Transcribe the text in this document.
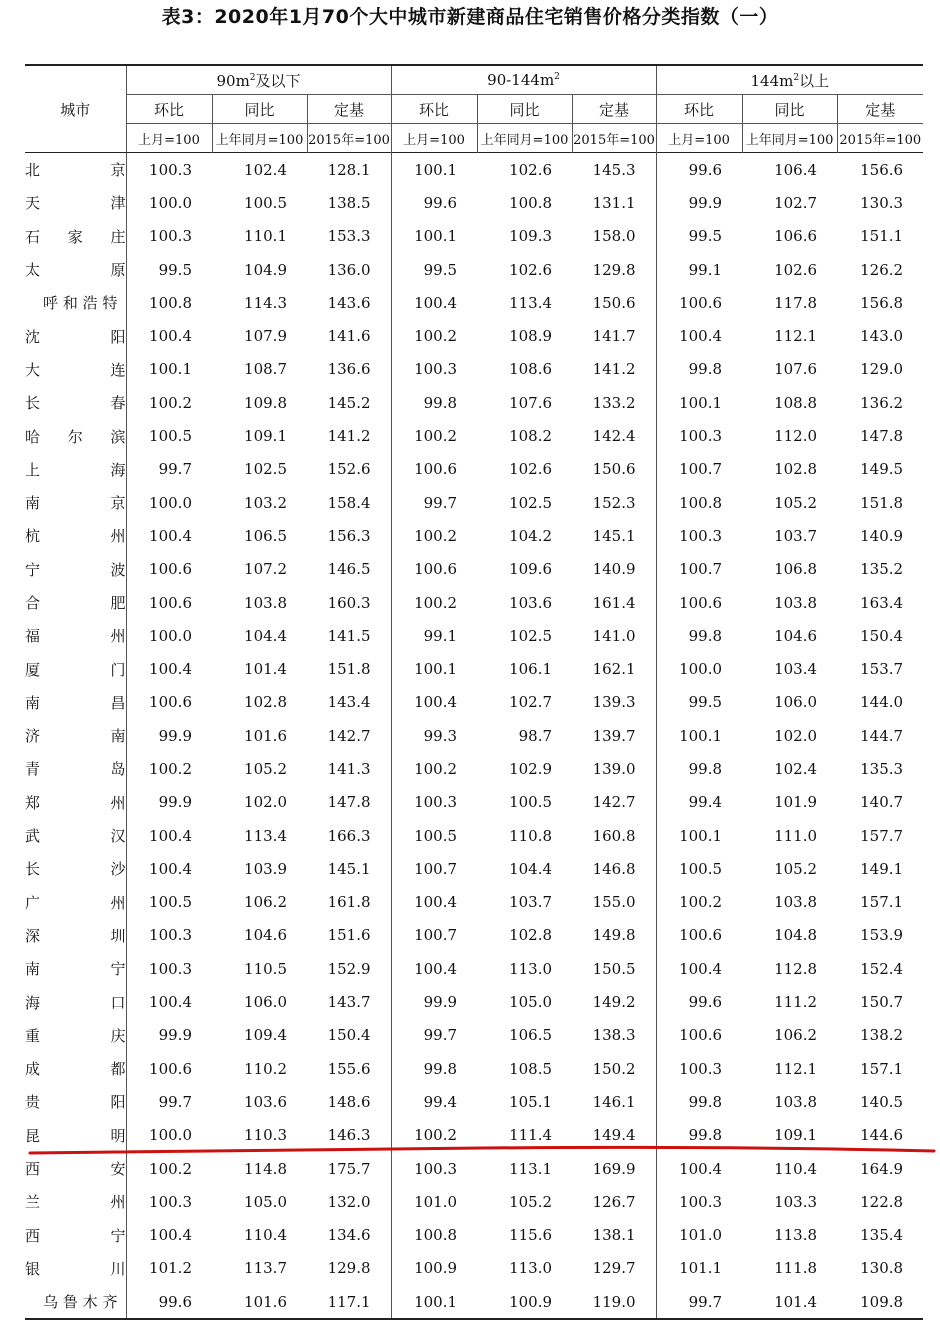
表3：2020年1月70个大中城市新建商品住宅销售价格分类指数（一）
城市	$90m^2$及以下			$90-144m^2$			$144m^2$以上		
	环比	同比	定基	环比	同比	定基	环比	同比	定基
	上月=100	上年同月=100	2015年=100	上月=100	上年同月=100	2015年=100	上月=100	上年同月=100	2015年=100
北京	100.3	102.4	128.1	100.1	102.6	145.3	99.6	106.4	156.6
天津	100.0	100.5	138.5	99.6	100.8	131.1	99.9	102.7	130.3
石家庄	100.3	110.1	153.3	100.1	109.3	158.0	99.5	106.6	151.1
太原	99.5	104.9	136.0	99.5	102.6	129.8	99.1	102.6	126.2
呼和浩特	100.8	114.3	143.6	100.4	113.4	150.6	100.6	117.8	156.8
沈阳	100.4	107.9	141.6	100.2	108.9	141.7	100.4	112.1	143.0
大连	100.1	108.7	136.6	100.3	108.6	141.2	99.8	107.6	129.0
长春	100.2	109.8	145.2	99.8	107.6	133.2	100.1	108.8	136.2
哈尔滨	100.5	109.1	141.2	100.2	108.2	142.4	100.3	112.0	147.8
上海	99.7	102.5	152.6	100.6	102.6	150.6	100.7	102.8	149.5
南京	100.0	103.2	158.4	99.7	102.5	152.3	100.8	105.2	151.8
杭州	100.4	106.5	156.3	100.2	104.2	145.1	100.3	103.7	140.9
宁波	100.6	107.2	146.5	100.6	109.6	140.9	100.7	106.8	135.2
合肥	100.6	103.8	160.3	100.2	103.6	161.4	100.6	103.8	163.4
福州	100.0	104.4	141.5	99.1	102.5	141.0	99.8	104.6	150.4
厦门	100.4	101.4	151.8	100.1	106.1	162.1	100.0	103.4	153.7
南昌	100.6	102.8	143.4	100.4	102.7	139.3	99.5	106.0	144.0
济南	99.9	101.6	142.7	99.3	98.7	139.7	100.1	102.0	144.7
青岛	100.2	105.2	141.3	100.2	102.9	139.0	99.8	102.4	135.3
郑州	99.9	102.0	147.8	100.3	100.5	142.7	99.4	101.9	140.7
武汉	100.4	113.4	166.3	100.5	110.8	160.8	100.1	111.0	157.7
长沙	100.4	103.9	145.1	100.7	104.4	146.8	100.5	105.2	149.1
广州	100.5	106.2	161.8	100.4	103.7	155.0	100.2	103.8	157.1
深圳	100.3	104.6	151.6	100.7	102.8	149.8	100.6	104.8	153.9
南宁	100.3	110.5	152.9	100.4	113.0	150.5	100.4	112.8	152.4
海口	100.4	106.0	143.7	99.9	105.0	149.2	99.6	111.2	150.7
重庆	99.9	109.4	150.4	99.7	106.5	138.3	100.6	106.2	138.2
成都	100.6	110.2	155.6	99.8	108.5	150.2	100.3	112.1	157.1
贵阳	99.7	103.6	148.6	99.4	105.1	146.1	99.8	103.8	140.5
昆明	100.0	110.3	146.3	100.2	111.4	149.4	99.8	109.1	144.6
西安	100.2	114.8	175.7	100.3	113.1	169.9	100.4	110.4	164.9
兰州	100.3	105.0	132.0	101.0	105.2	126.7	100.3	103.3	122.8
西宁	100.4	110.4	134.6	100.8	115.6	138.1	101.0	113.8	135.4
银川	101.2	113.7	129.8	100.9	113.0	129.7	101.1	111.8	130.8
乌鲁木齐	99.6	101.6	117.1	100.1	100.9	119.0	99.7	101.4	109.8
